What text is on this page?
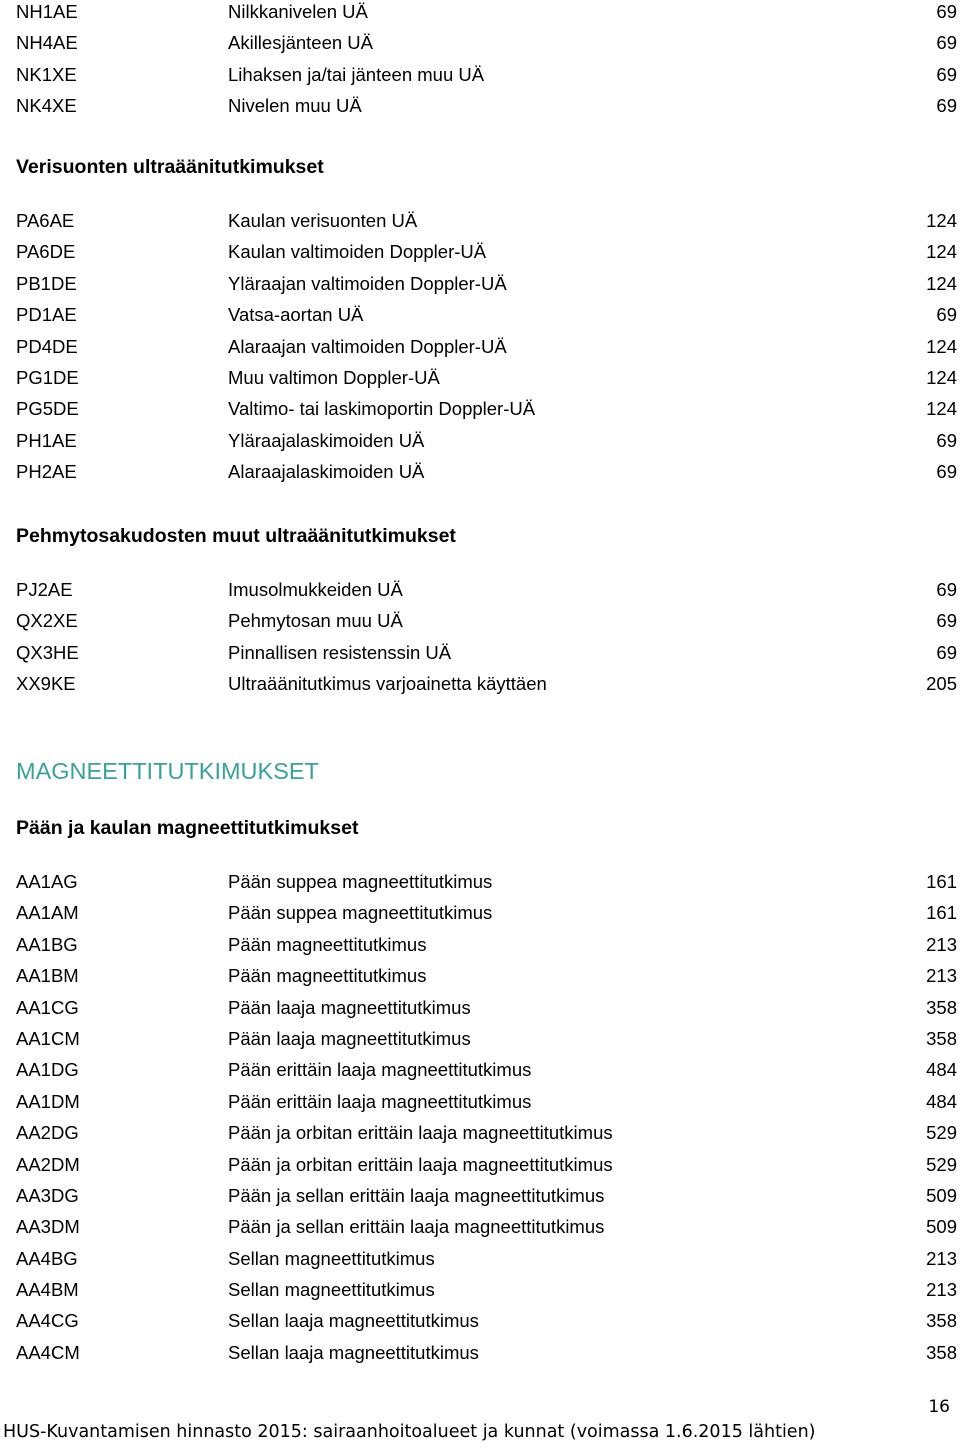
NH1AE	Nilkkanivelen UÄ	69
NH4AE	Akillesjänteen UÄ	69
NK1XE	Lihaksen ja/tai jänteen muu UÄ	69
NK4XE	Nivelen muu UÄ	69
Verisuonten ultraäänitutkimukset
PA6AE	Kaulan verisuonten UÄ	124
PA6DE	Kaulan valtimoiden Doppler-UÄ	124
PB1DE	Yläraajan valtimoiden Doppler-UÄ	124
PD1AE	Vatsa-aortan UÄ	69
PD4DE	Alaraajan valtimoiden Doppler-UÄ	124
PG1DE	Muu valtimon Doppler-UÄ	124
PG5DE	Valtimo- tai laskimoportin Doppler-UÄ	124
PH1AE	Yläraajalaskimoiden UÄ	69
PH2AE	Alaraajalaskimoiden UÄ	69
Pehmytosakudosten muut ultraäänitutkimukset
PJ2AE	Imusolmukkeiden UÄ	69
QX2XE	Pehmytosan muu UÄ	69
QX3HE	Pinnallisen resistenssin UÄ	69
XX9KE	Ultraäänitutkimus varjoainetta käyttäen	205
MAGNEETTITUTKIMUKSET
Pään ja kaulan magneettitutkimukset
AA1AG	Pään suppea magneettitutkimus	161
AA1AM	Pään suppea magneettitutkimus	161
AA1BG	Pään magneettitutkimus	213
AA1BM	Pään magneettitutkimus	213
AA1CG	Pään laaja magneettitutkimus	358
AA1CM	Pään laaja magneettitutkimus	358
AA1DG	Pään erittäin laaja magneettitutkimus	484
AA1DM	Pään erittäin laaja magneettitutkimus	484
AA2DG	Pään ja orbitan erittäin laaja magneettitutkimus	529
AA2DM	Pään ja orbitan erittäin laaja magneettitutkimus	529
AA3DG	Pään ja sellan erittäin laaja magneettitutkimus	509
AA3DM	Pään ja sellan erittäin laaja magneettitutkimus	509
AA4BG	Sellan magneettitutkimus	213
AA4BM	Sellan magneettitutkimus	213
AA4CG	Sellan laaja magneettitutkimus	358
AA4CM	Sellan laaja magneettitutkimus	358
16
HUS-Kuvantamisen hinnasto 2015: sairaanhoitoalueet ja kunnat (voimassa 1.6.2015 lähtien)
